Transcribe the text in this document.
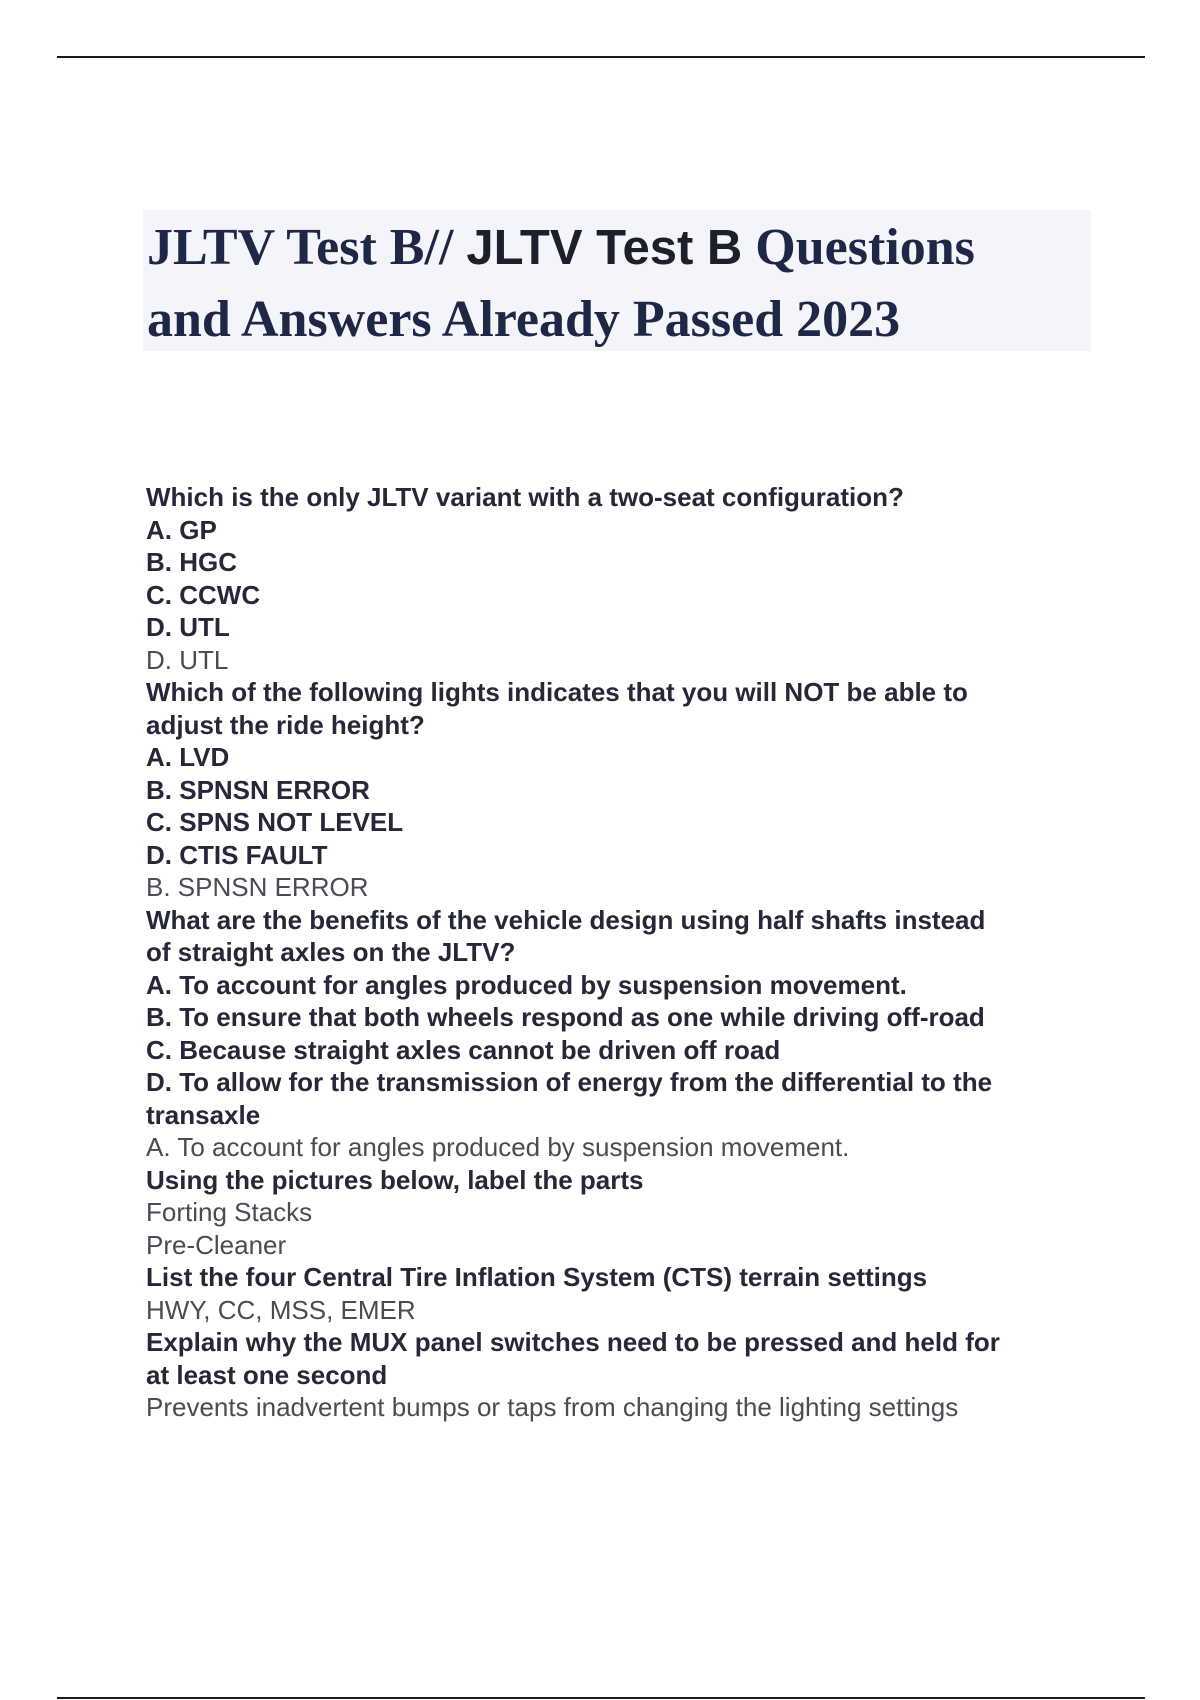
JLTV Test B// JLTV Test B Questions
and Answers Already Passed 2023
Which is the only JLTV variant with a two-seat configuration?
A. GP
B. HGC
C. CCWC
D. UTL
D. UTL
Which of the following lights indicates that you will NOT be able to
adjust the ride height?
A. LVD
B. SPNSN ERROR
C. SPNS NOT LEVEL
D. CTIS FAULT
B. SPNSN ERROR
What are the benefits of the vehicle design using half shafts instead
of straight axles on the JLTV?
A. To account for angles produced by suspension movement.
B. To ensure that both wheels respond as one while driving off-road
C. Because straight axles cannot be driven off road
D. To allow for the transmission of energy from the differential to the
transaxle
A. To account for angles produced by suspension movement.
Using the pictures below, label the parts
Forting Stacks
Pre-Cleaner
List the four Central Tire Inflation System (CTS) terrain settings
HWY, CC, MSS, EMER
Explain why the MUX panel switches need to be pressed and held for
at least one second
Prevents inadvertent bumps or taps from changing the lighting settings
